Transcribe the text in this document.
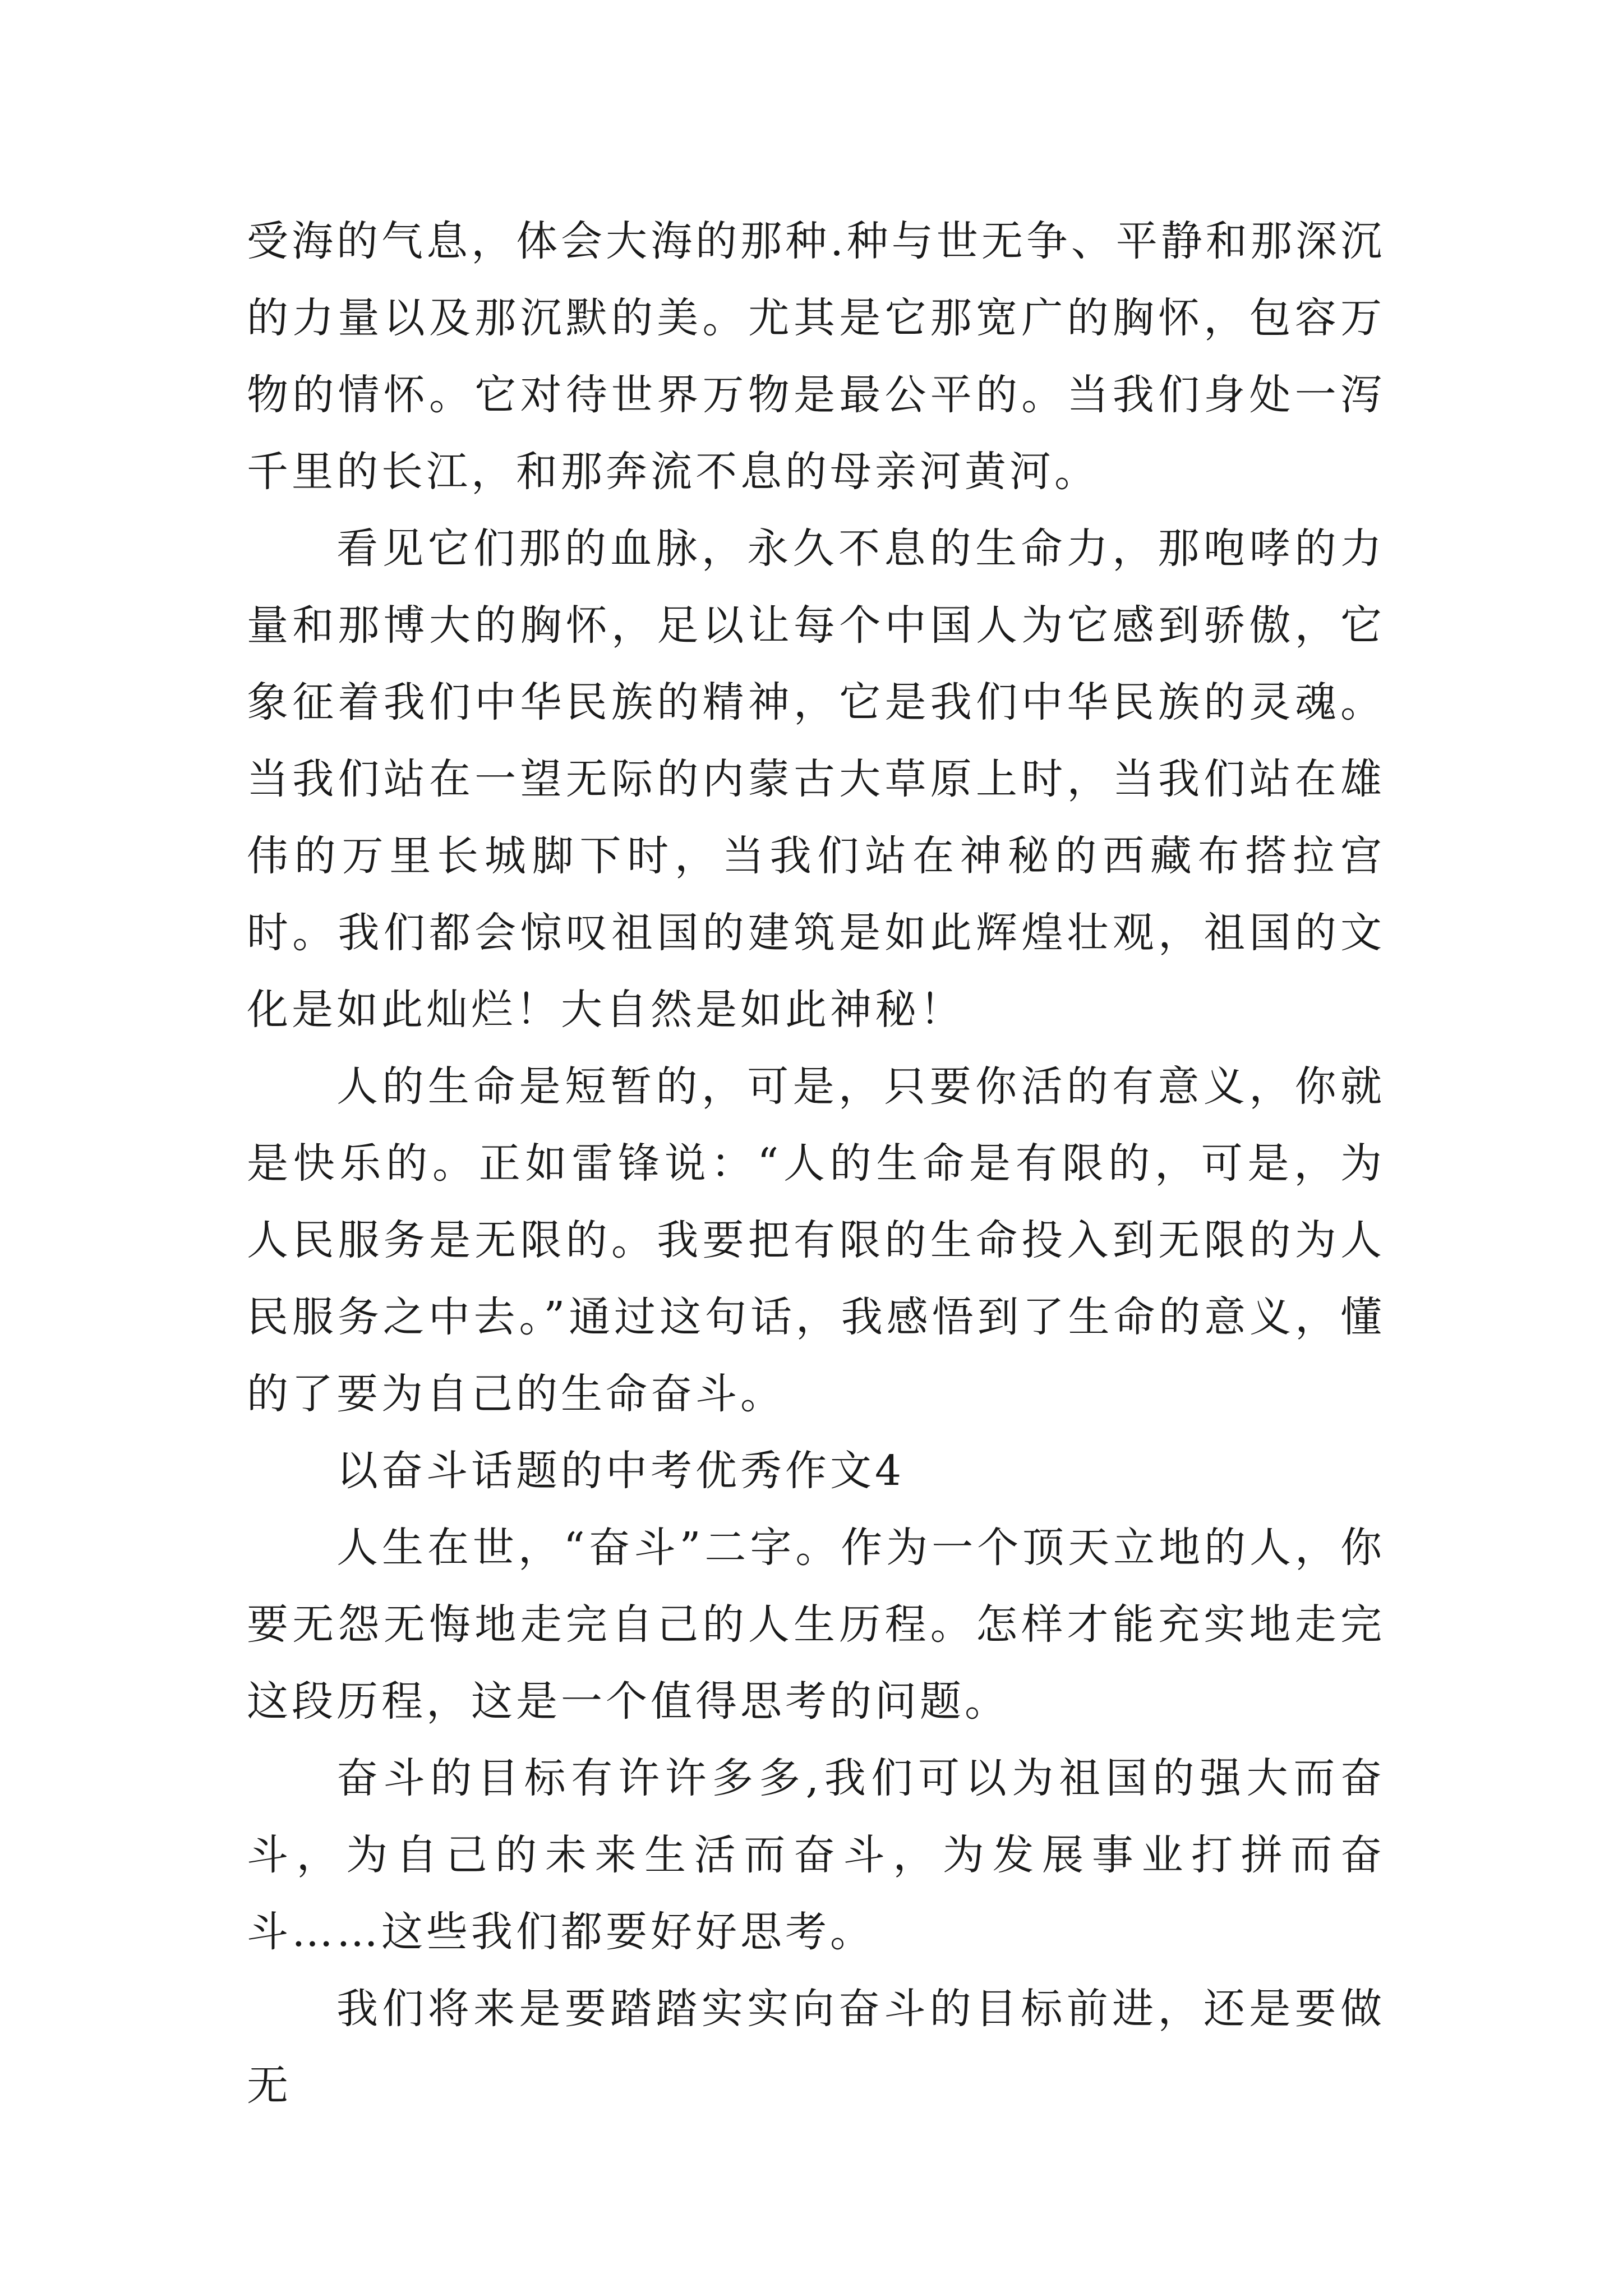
受海的气息，体会大海的那种.种与世无争、平静和那深沉的力量以及那沉默的美。尤其是它那宽广的胸怀，包容万物的情怀。它对待世界万物是最公平的。当我们身处一泻千里的长江，和那奔流不息的母亲河黄河。

看见它们那的血脉，永久不息的生命力，那咆哮的力量和那博大的胸怀，足以让每个中国人为它感到骄傲，它象征着我们中华民族的精神，它是我们中华民族的灵魂。当我们站在一望无际的内蒙古大草原上时，当我们站在雄伟的万里长城脚下时，当我们站在神秘的西藏布搭拉宫时。我们都会惊叹祖国的建筑是如此辉煌壮观，祖国的文化是如此灿烂！大自然是如此神秘！

人的生命是短暂的，可是，只要你活的有意义，你就是快乐的。正如雷锋说：“人的生命是有限的，可是，为人民服务是无限的。我要把有限的生命投入到无限的为人民服务之中去。”通过这句话，我感悟到了生命的意义，懂的了要为自己的生命奋斗。

以奋斗话题的中考优秀作文4

人生在世，“奋斗”二字。作为一个顶天立地的人，你要无怨无悔地走完自己的人生历程。怎样才能充实地走完这段历程，这是一个值得思考的问题。

奋斗的目标有许许多多,我们可以为祖国的强大而奋斗，为自己的未来生活而奋斗，为发展事业打拼而奋斗……这些我们都要好好思考。

我们将来是要踏踏实实向奋斗的目标前进，还是要做无
